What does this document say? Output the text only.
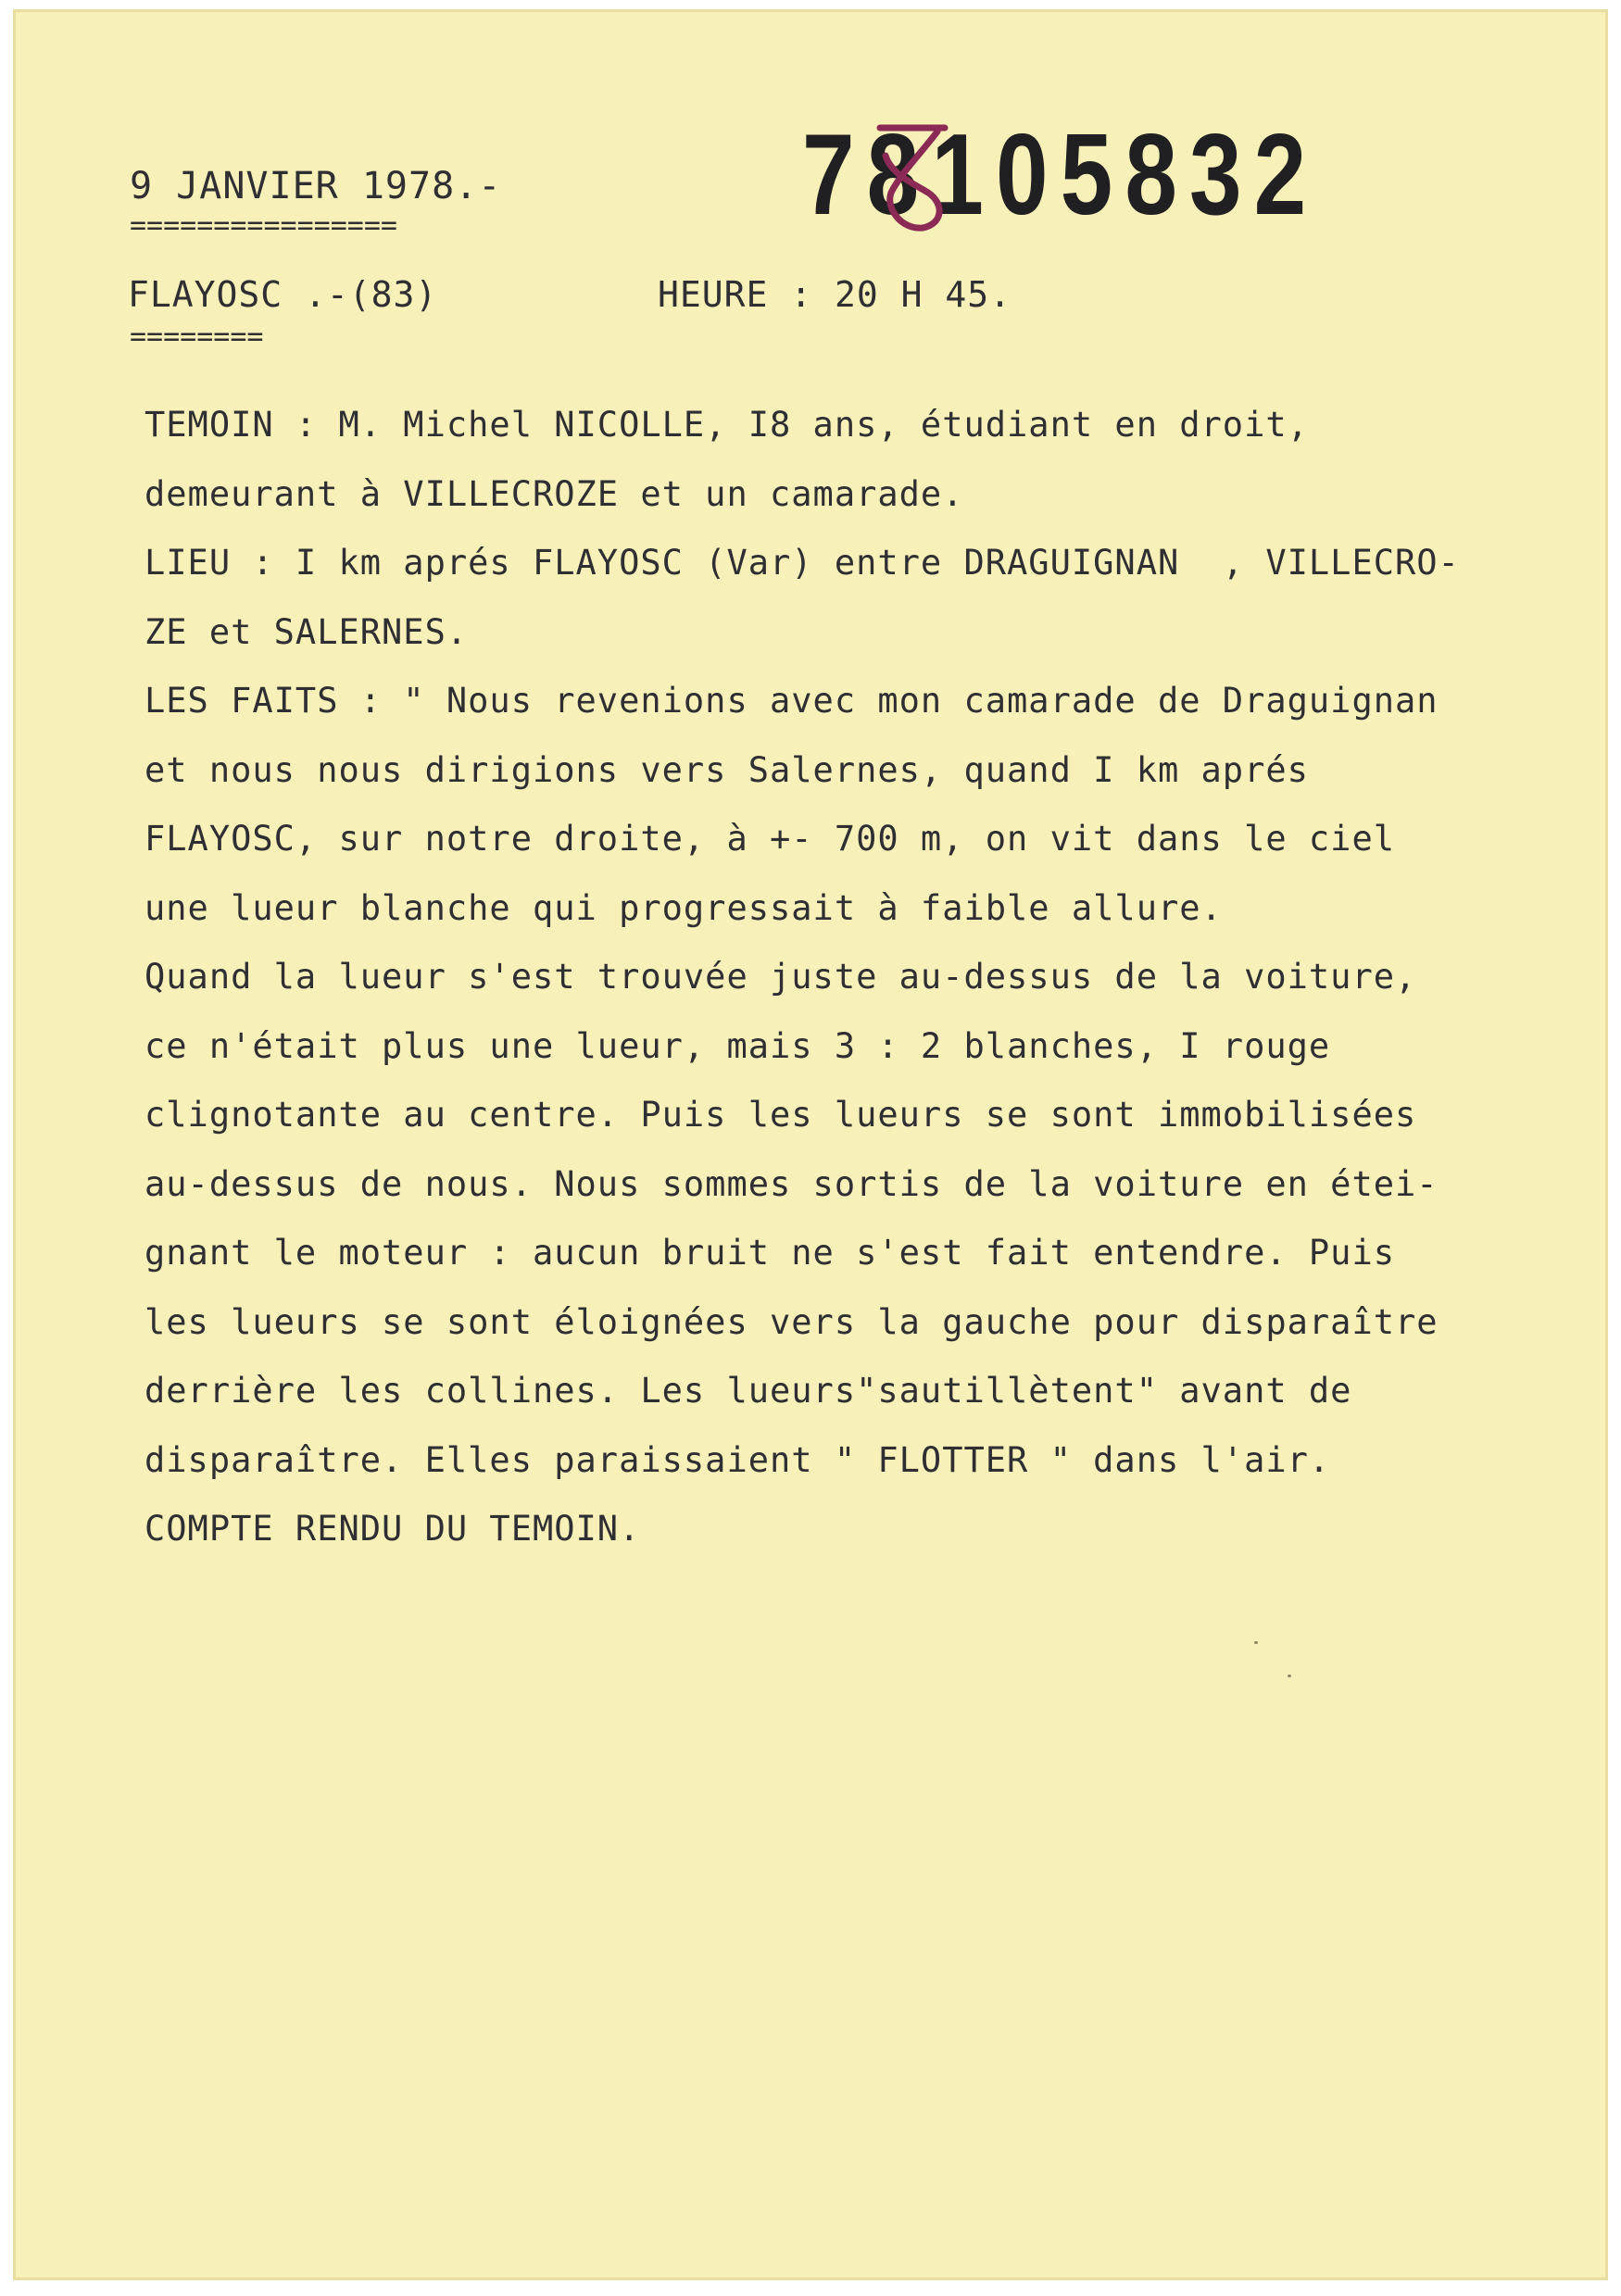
9 JANVIER 1978.-
================	78105832
FLAYOSC .-(83)
========
HEURE : 20 H 45.
TEMOIN : M. Michel NICOLLE, I8 ans, étudiant en droit,
demeurant à VILLECROZE et un camarade.
LIEU : I km aprés FLAYOSC (Var) entre DRAGUIGNAN  , VILLECRO-
ZE et SALERNES.
LES FAITS : " Nous revenions avec mon camarade de Draguignan
et nous nous dirigions vers Salernes, quand I km aprés
FLAYOSC, sur notre droite, à +- 700 m, on vit dans le ciel
une lueur blanche qui progressait à faible allure.
Quand la lueur s'est trouvée juste au-dessus de la voiture,
ce n'était plus une lueur, mais 3 : 2 blanches, I rouge
clignotante au centre. Puis les lueurs se sont immobilisées
au-dessus de nous. Nous sommes sortis de la voiture en étei-
gnant le moteur : aucun bruit ne s'est fait entendre. Puis
les lueurs se sont éloignées vers la gauche pour disparaître
derrière les collines. Les lueurs"sautillètent" avant de
disparaître. Elles paraissaient " FLOTTER " dans l'air.
COMPTE RENDU DU TEMOIN.
